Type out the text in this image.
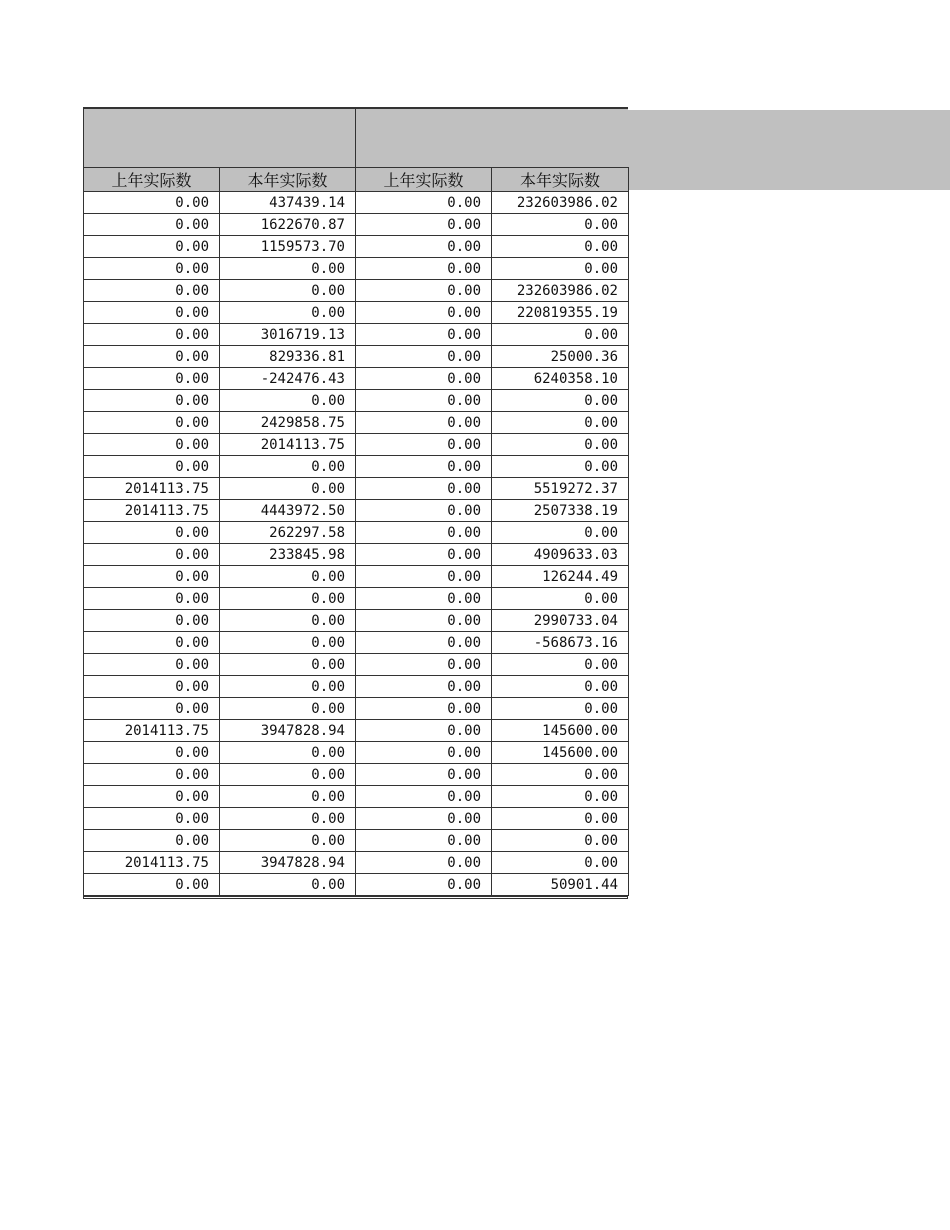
上年实际数	本年实际数	上年实际数	本年实际数
0.00	437439.14	0.00	232603986.02
0.00	1622670.87	0.00	0.00
0.00	1159573.70	0.00	0.00
0.00	0.00	0.00	0.00
0.00	0.00	0.00	232603986.02
0.00	0.00	0.00	220819355.19
0.00	3016719.13	0.00	0.00
0.00	829336.81	0.00	25000.36
0.00	-242476.43	0.00	6240358.10
0.00	0.00	0.00	0.00
0.00	2429858.75	0.00	0.00
0.00	2014113.75	0.00	0.00
0.00	0.00	0.00	0.00
2014113.75	0.00	0.00	5519272.37
2014113.75	4443972.50	0.00	2507338.19
0.00	262297.58	0.00	0.00
0.00	233845.98	0.00	4909633.03
0.00	0.00	0.00	126244.49
0.00	0.00	0.00	0.00
0.00	0.00	0.00	2990733.04
0.00	0.00	0.00	-568673.16
0.00	0.00	0.00	0.00
0.00	0.00	0.00	0.00
0.00	0.00	0.00	0.00
2014113.75	3947828.94	0.00	145600.00
0.00	0.00	0.00	145600.00
0.00	0.00	0.00	0.00
0.00	0.00	0.00	0.00
0.00	0.00	0.00	0.00
0.00	0.00	0.00	0.00
2014113.75	3947828.94	0.00	0.00
0.00	0.00	0.00	50901.44
